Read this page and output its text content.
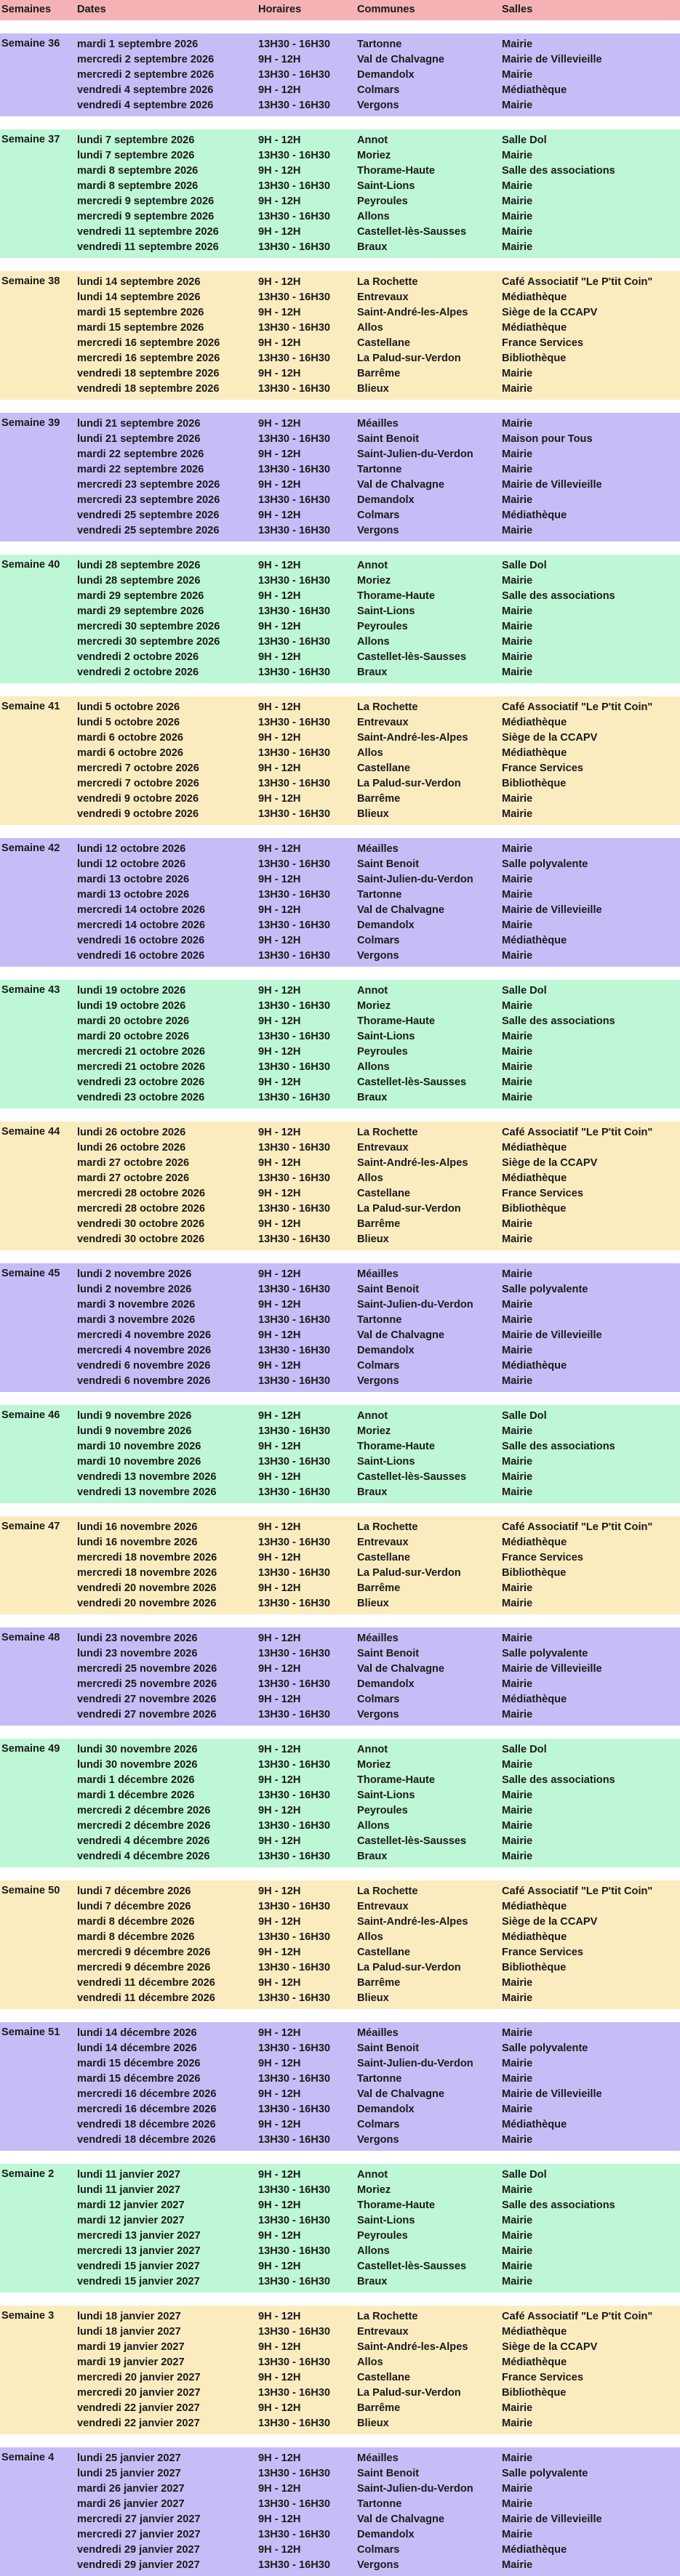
Semaines Dates	Horaires	Communes	Salles
Semaine 36 mardi 1 septembre 2026	13H30 - 16H30	Tartonne	Mairie
mercredi 2 septembre 2026	9H - 12H	Val de Chalvagne	Mairie de Villevieille
mercredi 2 septembre 2026	13H30 - 16H30	Demandolx	Mairie
vendredi 4 septembre 2026	9H - 12H	Colmars	Médiathèque
vendredi 4 septembre 2026	13H30 - 16H30	Vergons	Mairie
Semaine 37 lundi 7 septembre 2026	9H - 12H	Annot	Salle Dol
lundi 7 septembre 2026	13H30 - 16H30	Moriez	Mairie
mardi 8 septembre 2026	9H - 12H	Thorame-Haute	Salle des associations
mardi 8 septembre 2026	13H30 - 16H30	Saint-Lions	Mairie
mercredi 9 septembre 2026	9H - 12H	Peyroules	Mairie
mercredi 9 septembre 2026	13H30 - 16H30	Allons	Mairie
vendredi 11 septembre 2026	9H - 12H	Castellet-lès-Sausses	Mairie
vendredi 11 septembre 2026	13H30 - 16H30	Braux	Mairie
Semaine 38 lundi 14 septembre 2026	9H - 12H	La Rochette	Café Associatif "Le P'tit Coin"
lundi 14 septembre 2026	13H30 - 16H30	Entrevaux	Médiathèque
mardi 15 septembre 2026	9H - 12H	Saint-André-les-Alpes	Siège de la CCAPV
mardi 15 septembre 2026	13H30 - 16H30	Allos	Médiathèque
mercredi 16 septembre 2026	9H - 12H	Castellane	France Services
mercredi 16 septembre 2026	13H30 - 16H30	La Palud-sur-Verdon	Bibliothèque
vendredi 18 septembre 2026	9H - 12H	Barrême	Mairie
vendredi 18 septembre 2026	13H30 - 16H30	Blieux	Mairie
Semaine 39 lundi 21 septembre 2026	9H - 12H	Méailles	Mairie
lundi 21 septembre 2026	13H30 - 16H30	Saint Benoit	Maison pour Tous
mardi 22 septembre 2026	9H - 12H	Saint-Julien-du-Verdon	Mairie
mardi 22 septembre 2026	13H30 - 16H30	Tartonne	Mairie
mercredi 23 septembre 2026	9H - 12H	Val de Chalvagne	Mairie de Villevieille
mercredi 23 septembre 2026	13H30 - 16H30	Demandolx	Mairie
vendredi 25 septembre 2026	9H - 12H	Colmars	Médiathèque
vendredi 25 septembre 2026	13H30 - 16H30	Vergons	Mairie
Semaine 40 lundi 28 septembre 2026	9H - 12H	Annot	Salle Dol
lundi 28 septembre 2026	13H30 - 16H30	Moriez	Mairie
mardi 29 septembre 2026	9H - 12H	Thorame-Haute	Salle des associations
mardi 29 septembre 2026	13H30 - 16H30	Saint-Lions	Mairie
mercredi 30 septembre 2026	9H - 12H	Peyroules	Mairie
mercredi 30 septembre 2026	13H30 - 16H30	Allons	Mairie
vendredi 2 octobre 2026	9H - 12H	Castellet-lès-Sausses	Mairie
vendredi 2 octobre 2026	13H30 - 16H30	Braux	Mairie
Semaine 41 lundi 5 octobre 2026	9H - 12H	La Rochette	Café Associatif "Le P'tit Coin"
lundi 5 octobre 2026	13H30 - 16H30	Entrevaux	Médiathèque
mardi 6 octobre 2026	9H - 12H	Saint-André-les-Alpes	Siège de la CCAPV
mardi 6 octobre 2026	13H30 - 16H30	Allos	Médiathèque
mercredi 7 octobre 2026	9H - 12H	Castellane	France Services
mercredi 7 octobre 2026	13H30 - 16H30	La Palud-sur-Verdon	Bibliothèque
vendredi 9 octobre 2026	9H - 12H	Barrême	Mairie
vendredi 9 octobre 2026	13H30 - 16H30	Blieux	Mairie
Semaine 42 lundi 12 octobre 2026	9H - 12H	Méailles	Mairie
lundi 12 octobre 2026	13H30 - 16H30	Saint Benoit	Salle polyvalente
mardi 13 octobre 2026	9H - 12H	Saint-Julien-du-Verdon	Mairie
mardi 13 octobre 2026	13H30 - 16H30	Tartonne	Mairie
mercredi 14 octobre 2026	9H - 12H	Val de Chalvagne	Mairie de Villevieille
mercredi 14 octobre 2026	13H30 - 16H30	Demandolx	Mairie
vendredi 16 octobre 2026	9H - 12H	Colmars	Médiathèque
vendredi 16 octobre 2026	13H30 - 16H30	Vergons	Mairie
Semaine 43 lundi 19 octobre 2026	9H - 12H	Annot	Salle Dol
lundi 19 octobre 2026	13H30 - 16H30	Moriez	Mairie
mardi 20 octobre 2026	9H - 12H	Thorame-Haute	Salle des associations
mardi 20 octobre 2026	13H30 - 16H30	Saint-Lions	Mairie
mercredi 21 octobre 2026	9H - 12H	Peyroules	Mairie
mercredi 21 octobre 2026	13H30 - 16H30	Allons	Mairie
vendredi 23 octobre 2026	9H - 12H	Castellet-lès-Sausses	Mairie
vendredi 23 octobre 2026	13H30 - 16H30	Braux	Mairie
Semaine 44 lundi 26 octobre 2026	9H - 12H	La Rochette	Café Associatif "Le P'tit Coin"
lundi 26 octobre 2026	13H30 - 16H30	Entrevaux	Médiathèque
mardi 27 octobre 2026	9H - 12H	Saint-André-les-Alpes	Siège de la CCAPV
mardi 27 octobre 2026	13H30 - 16H30	Allos	Médiathèque
mercredi 28 octobre 2026	9H - 12H	Castellane	France Services
mercredi 28 octobre 2026	13H30 - 16H30	La Palud-sur-Verdon	Bibliothèque
vendredi 30 octobre 2026	9H - 12H	Barrême	Mairie
vendredi 30 octobre 2026	13H30 - 16H30	Blieux	Mairie
Semaine 45 lundi 2 novembre 2026	9H - 12H	Méailles	Mairie
lundi 2 novembre 2026	13H30 - 16H30	Saint Benoit	Salle polyvalente
mardi 3 novembre 2026	9H - 12H	Saint-Julien-du-Verdon	Mairie
mardi 3 novembre 2026	13H30 - 16H30	Tartonne	Mairie
mercredi 4 novembre 2026	9H - 12H	Val de Chalvagne	Mairie de Villevieille
mercredi 4 novembre 2026	13H30 - 16H30	Demandolx	Mairie
vendredi 6 novembre 2026	9H - 12H	Colmars	Médiathèque
vendredi 6 novembre 2026	13H30 - 16H30	Vergons	Mairie
Semaine 46 lundi 9 novembre 2026	9H - 12H	Annot	Salle Dol
lundi 9 novembre 2026	13H30 - 16H30	Moriez	Mairie
mardi 10 novembre 2026	9H - 12H	Thorame-Haute	Salle des associations
mardi 10 novembre 2026	13H30 - 16H30	Saint-Lions	Mairie
vendredi 13 novembre 2026	9H - 12H	Castellet-lès-Sausses	Mairie
vendredi 13 novembre 2026	13H30 - 16H30	Braux	Mairie
Semaine 47 lundi 16 novembre 2026	9H - 12H	La Rochette	Café Associatif "Le P'tit Coin"
lundi 16 novembre 2026	13H30 - 16H30	Entrevaux	Médiathèque
mercredi 18 novembre 2026	9H - 12H	Castellane	France Services
mercredi 18 novembre 2026	13H30 - 16H30	La Palud-sur-Verdon	Bibliothèque
vendredi 20 novembre 2026	9H - 12H	Barrême	Mairie
vendredi 20 novembre 2026	13H30 - 16H30	Blieux	Mairie
Semaine 48 lundi 23 novembre 2026	9H - 12H	Méailles	Mairie
lundi 23 novembre 2026	13H30 - 16H30	Saint Benoit	Salle polyvalente
mercredi 25 novembre 2026	9H - 12H	Val de Chalvagne	Mairie de Villevieille
mercredi 25 novembre 2026	13H30 - 16H30	Demandolx	Mairie
vendredi 27 novembre 2026	9H - 12H	Colmars	Médiathèque
vendredi 27 novembre 2026	13H30 - 16H30	Vergons	Mairie
Semaine 49 lundi 30 novembre 2026	9H - 12H	Annot	Salle Dol
lundi 30 novembre 2026	13H30 - 16H30	Moriez	Mairie
mardi 1 décembre 2026	9H - 12H	Thorame-Haute	Salle des associations
mardi 1 décembre 2026	13H30 - 16H30	Saint-Lions	Mairie
mercredi 2 décembre 2026	9H - 12H	Peyroules	Mairie
mercredi 2 décembre 2026	13H30 - 16H30	Allons	Mairie
vendredi 4 décembre 2026	9H - 12H	Castellet-lès-Sausses	Mairie
vendredi 4 décembre 2026	13H30 - 16H30	Braux	Mairie
Semaine 50 lundi 7 décembre 2026	9H - 12H	La Rochette	Café Associatif "Le P'tit Coin"
lundi 7 décembre 2026	13H30 - 16H30	Entrevaux	Médiathèque
mardi 8 décembre 2026	9H - 12H	Saint-André-les-Alpes	Siège de la CCAPV
mardi 8 décembre 2026	13H30 - 16H30	Allos	Médiathèque
mercredi 9 décembre 2026	9H - 12H	Castellane	France Services
mercredi 9 décembre 2026	13H30 - 16H30	La Palud-sur-Verdon	Bibliothèque
vendredi 11 décembre 2026	9H - 12H	Barrême	Mairie
vendredi 11 décembre 2026	13H30 - 16H30	Blieux	Mairie
Semaine 51 lundi 14 décembre 2026	9H - 12H	Méailles	Mairie
lundi 14 décembre 2026	13H30 - 16H30	Saint Benoit	Salle polyvalente
mardi 15 décembre 2026	9H - 12H	Saint-Julien-du-Verdon	Mairie
mardi 15 décembre 2026	13H30 - 16H30	Tartonne	Mairie
mercredi 16 décembre 2026	9H - 12H	Val de Chalvagne	Mairie de Villevieille
mercredi 16 décembre 2026	13H30 - 16H30	Demandolx	Mairie
vendredi 18 décembre 2026	9H - 12H	Colmars	Médiathèque
vendredi 18 décembre 2026	13H30 - 16H30	Vergons	Mairie
Semaine 2 lundi 11 janvier 2027	9H - 12H	Annot	Salle Dol
lundi 11 janvier 2027	13H30 - 16H30	Moriez	Mairie
mardi 12 janvier 2027	9H - 12H	Thorame-Haute	Salle des associations
mardi 12 janvier 2027	13H30 - 16H30	Saint-Lions	Mairie
mercredi 13 janvier 2027	9H - 12H	Peyroules	Mairie
mercredi 13 janvier 2027	13H30 - 16H30	Allons	Mairie
vendredi 15 janvier 2027	9H - 12H	Castellet-lès-Sausses	Mairie
vendredi 15 janvier 2027	13H30 - 16H30	Braux	Mairie
Semaine 3 lundi 18 janvier 2027	9H - 12H	La Rochette	Café Associatif "Le P'tit Coin"
lundi 18 janvier 2027	13H30 - 16H30	Entrevaux	Médiathèque
mardi 19 janvier 2027	9H - 12H	Saint-André-les-Alpes	Siège de la CCAPV
mardi 19 janvier 2027	13H30 - 16H30	Allos	Médiathèque
mercredi 20 janvier 2027	9H - 12H	Castellane	France Services
mercredi 20 janvier 2027	13H30 - 16H30	La Palud-sur-Verdon	Bibliothèque
vendredi 22 janvier 2027	9H - 12H	Barrême	Mairie
vendredi 22 janvier 2027	13H30 - 16H30	Blieux	Mairie
Semaine 4 lundi 25 janvier 2027	9H - 12H	Méailles	Mairie
lundi 25 janvier 2027	13H30 - 16H30	Saint Benoit	Salle polyvalente
mardi 26 janvier 2027	9H - 12H	Saint-Julien-du-Verdon	Mairie
mardi 26 janvier 2027	13H30 - 16H30	Tartonne	Mairie
mercredi 27 janvier 2027	9H - 12H	Val de Chalvagne	Mairie de Villevieille
mercredi 27 janvier 2027	13H30 - 16H30	Demandolx	Mairie
vendredi 29 janvier 2027	9H - 12H	Colmars	Médiathèque
vendredi 29 janvier 2027	13H30 - 16H30	Vergons	Mairie
